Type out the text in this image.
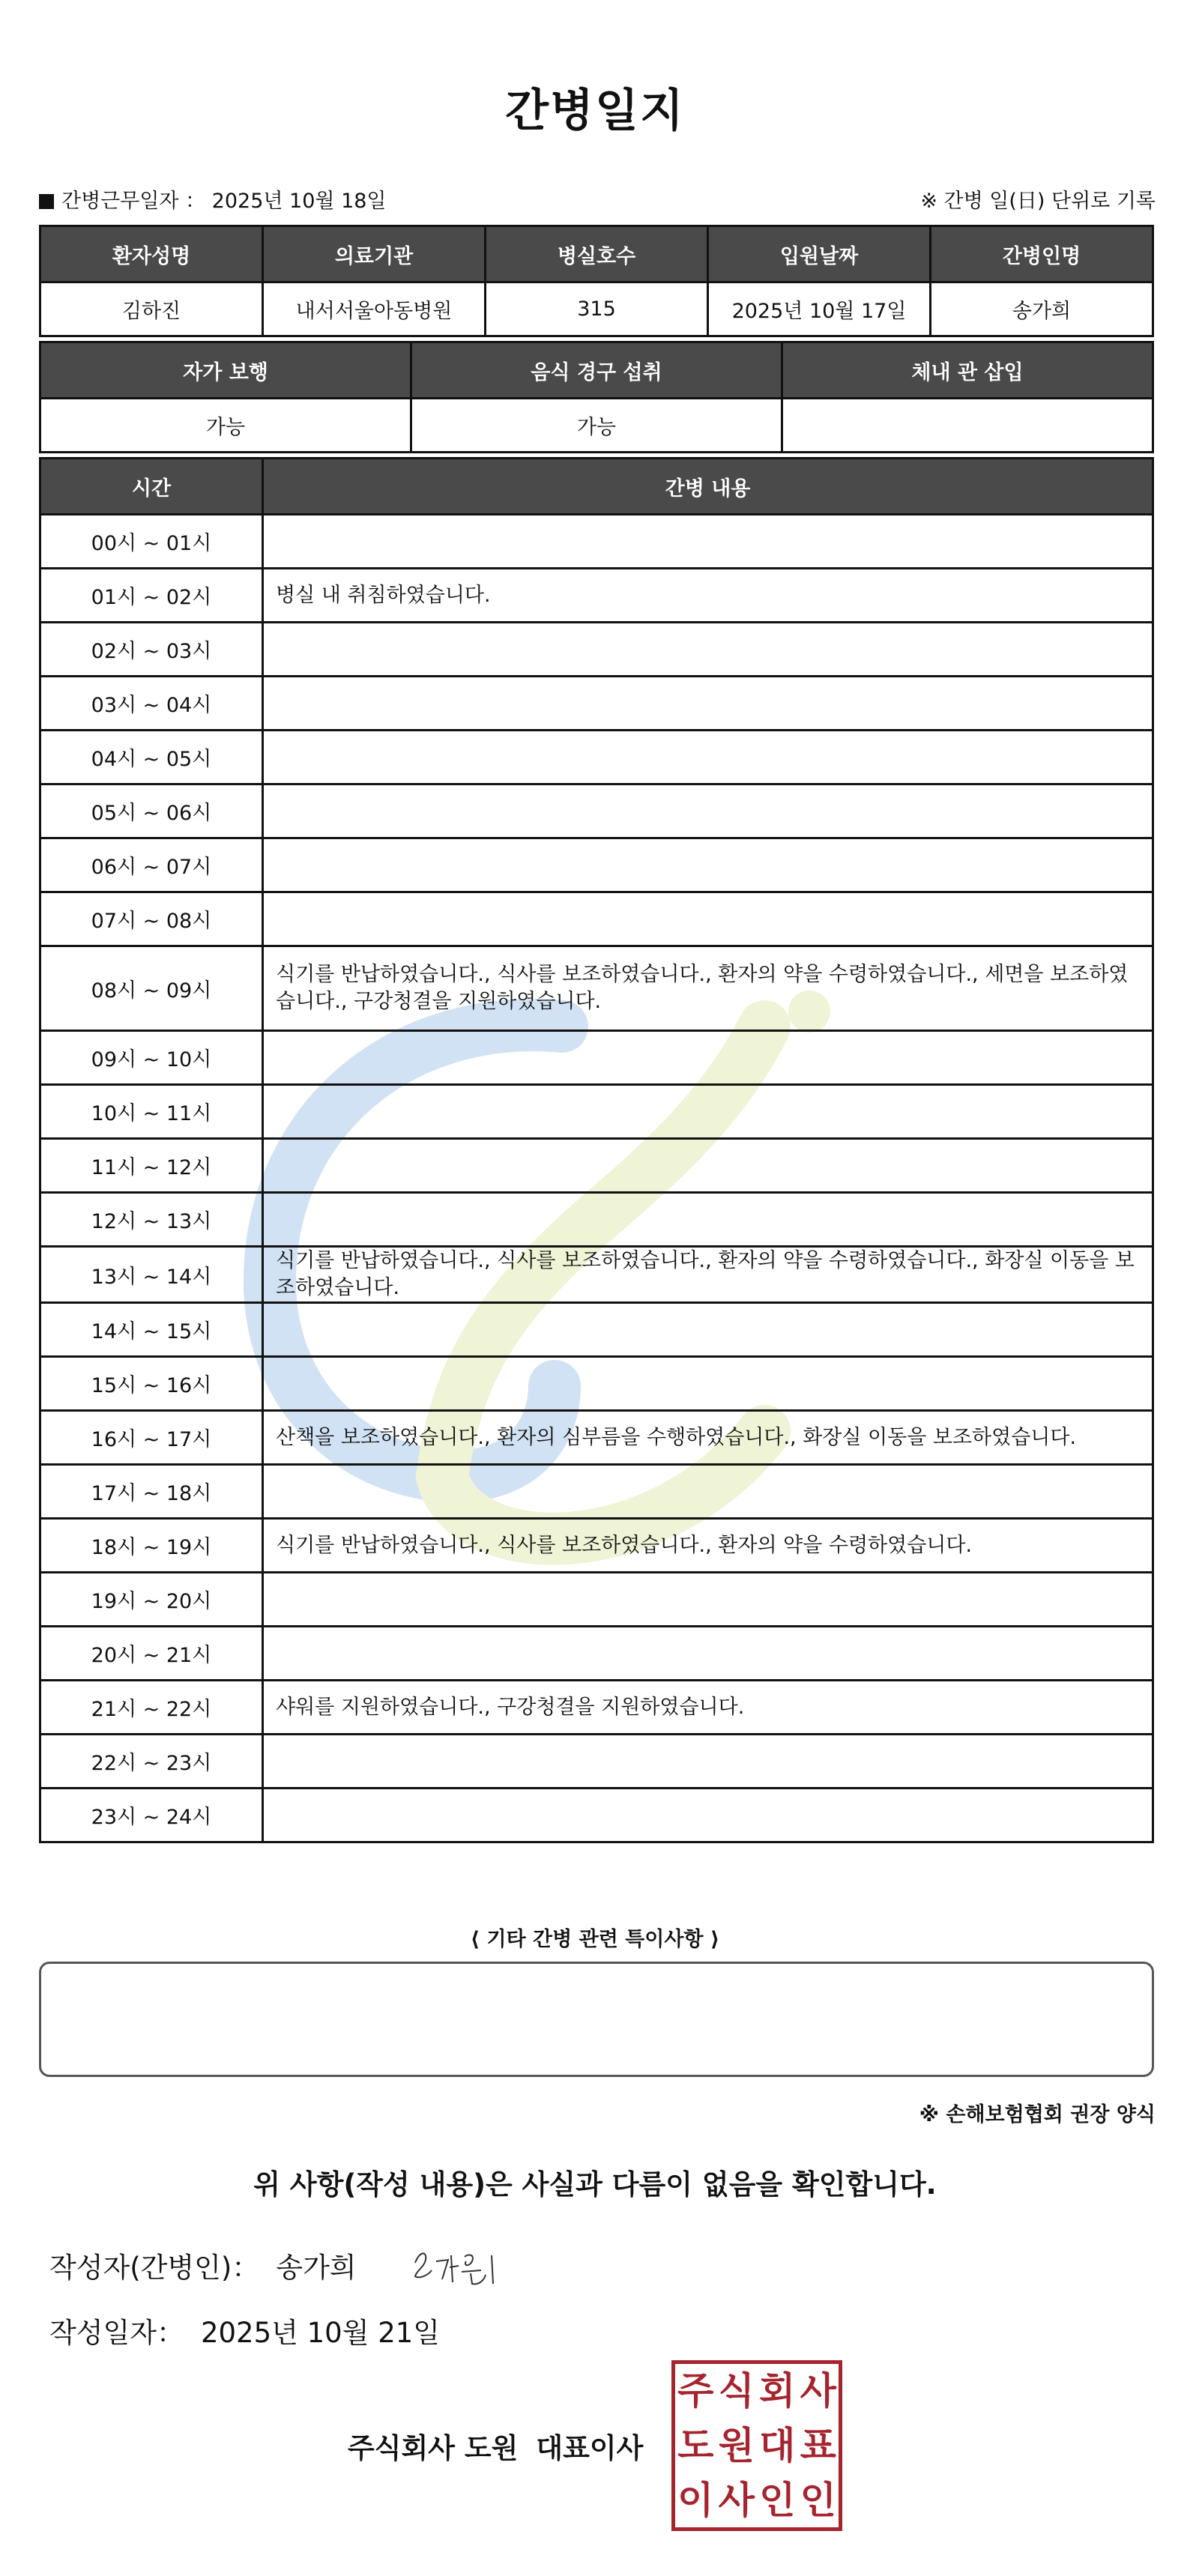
간병일지
간병근무일자 ： 2025년 10월 18일	※ 간병 일(日) 단위로 기록
환자성명	의료기관	병실호수	입원날짜	간병인명
김하진	내서서울아동병원	315	2025년 10월 17일	송가희
자가 보행	음식 경구 섭취	체내 관 삽입
가능	가능	
시간	간병 내용
00시 ~ 01시	
01시 ~ 02시	병실 내 취침하였습니다.
02시 ~ 03시	
03시 ~ 04시	
04시 ~ 05시	
05시 ~ 06시	
06시 ~ 07시	
07시 ~ 08시	
08시 ~ 09시	식기를 반납하였습니다., 식사를 보조하였습니다., 환자의 약을 수령하였습니다., 세면을 보조하였습니다., 구강청결을 지원하였습니다.
09시 ~ 10시	
10시 ~ 11시	
11시 ~ 12시	
12시 ~ 13시	
13시 ~ 14시	식기를 반납하였습니다., 식사를 보조하였습니다., 환자의 약을 수령하였습니다., 화장실 이동을 보조하였습니다.
14시 ~ 15시	
15시 ~ 16시	
16시 ~ 17시	산책을 보조하였습니다., 환자의 심부름을 수행하였습니다., 화장실 이동을 보조하였습니다.
17시 ~ 18시	
18시 ~ 19시	식기를 반납하였습니다., 식사를 보조하였습니다., 환자의 약을 수령하였습니다.
19시 ~ 20시	
20시 ~ 21시	
21시 ~ 22시	샤워를 지원하였습니다., 구강청결을 지원하였습니다.
22시 ~ 23시	
23시 ~ 24시	
⟨ 기타 간병 관련 특이사항 ⟩
※ 손해보험협회 권장 양식
위 사항(작성 내용)은 사실과 다름이 없음을 확인합니다.
작성자(간병인)： 송가희
작성일자： 2025년 10월 21일
주식회사 도원 대표이사
주 식 회 사
도 원 대 표
이 사 인 인
